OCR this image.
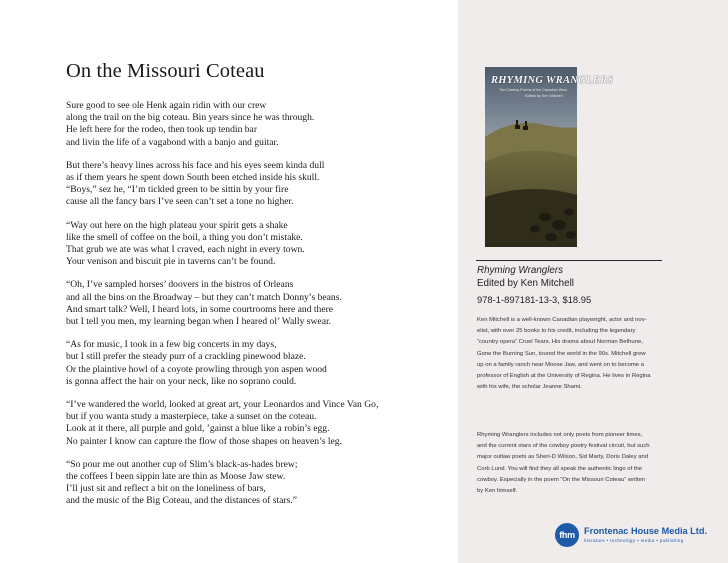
On the Missouri Coteau
Sure good to see ole Henk again ridin with our crew
along the trail on the big coteau. Bin years since he was through.
He left here for the rodeo, then took up tendin bar
and livin the life of a vagabond with a banjo and guitar.
But there’s heavy lines across his face and his eyes seem kinda dull
as if them years he spent down South been etched inside his skull.
“Boys,” sez he, “I’m tickled green to be sittin by your fire
cause all the fancy bars I’ve seen can’t set a tone no higher.
“Way out here on the high plateau your spirit gets a shake
like the smell of coffee on the boil, a thing you don’t mistake.
That grub we ate was what I craved, each night in every town.
Your venison and biscuit pie in taverns can’t be found.
“Oh, I’ve sampled horses’ doovers in the bistros of Orleans
and all the bins on the Broadway – but they can’t match Donny’s beans.
And smart talk? Well, I heard lots, in some courtrooms here and there
but I tell you men, my learning began when I heared ol’ Wally swear.
“As for music, I took in a few big concerts in my days,
but I still prefer the steady purr of a crackling pinewood blaze.
Or the plaintive howl of a coyote prowling through yon aspen wood
is gonna affect the hair on your neck, like no soprano could.
“I’ve wandered the world, looked at great art, your Leonardos and Vince Van Go,
but if you wanta study a masterpiece, take a sunset on the coteau.
Look at it there, all purple and gold, ’gainst a blue like a robin’s egg.
No painter I know can capture the flow of those shapes on heaven’s leg.
“So pour me out another cup of Slim’s black-as-hades brew;
the coffees I been sippin late are thin as Moose Jaw stew.
I’ll just sit and reflect a bit on the loneliness of bars,
and the music of the Big Coteau, and the distances of stars.”
RHYMING WRANGLERS
The Cowboy Poems of the Canadian West
Edited by Ken Mitchell
Rhyming Wranglers
Edited by Ken Mitchell
978-1-897181-13-3, $18.95
Ken Mitchell is a well-known Canadian playwright, actor and nov-
elist, with over 25 books to his credit, including the legendary
“country opera” Cruel Tears. His drama about Norman Bethune,
Gone the Burning Sun, toured the world in the 90s. Mitchell grew
up on a family ranch near Moose Jaw, and went on to become a
professor of English at the University of Regina. He lives in Regina
with his wife, the scholar Jeanne Shami.
Rhyming Wranglers includes not only poets from pioneer times,
and the current stars of the cowboy poetry festival circuit, but such
major outlaw poets as Sheri-D Wilson, Sid Marty, Doris Daley and
Corb Lund. You will find they all speak the authentic lingo of the
cowboy. Especially in the poem “On the Missouri Coteau” written
by Ken himself.
fhm	Frontenac House Media Ltd.
literature • technology • media • publishing
